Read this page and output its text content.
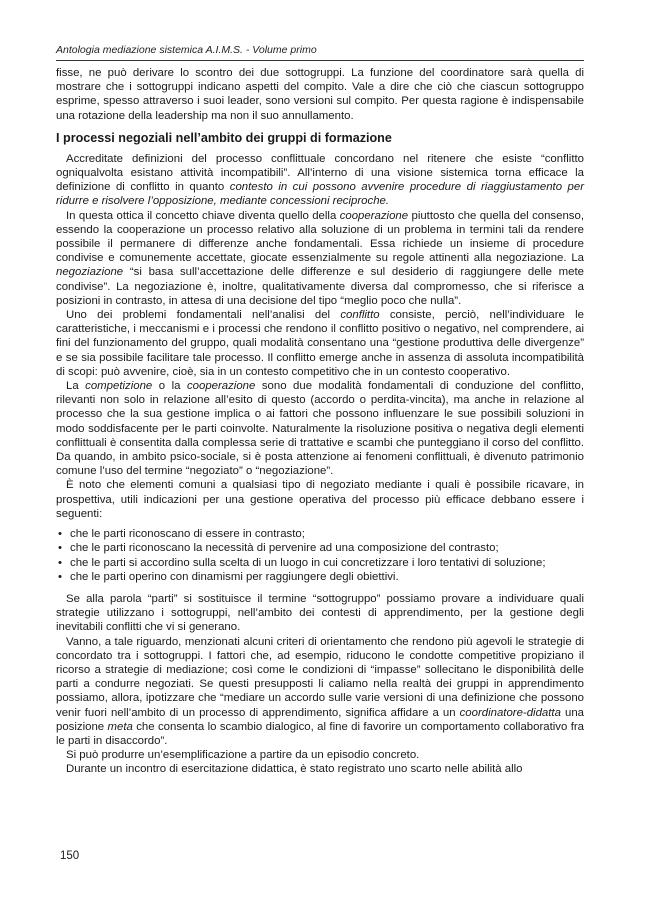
Antologia mediazione sistemica A.I.M.S. - Volume primo

fisse, ne può derivare lo scontro dei due sottogruppi. La funzione del coordinatore sarà quella di mostrare che i sottogruppi indicano aspetti del compito. Vale a dire che ciò che ciascun sottogruppo esprime, spesso attraverso i suoi leader, sono versioni sul compito. Per questa ragione è indispensabile una rotazione della leadership ma non il suo annullamento.

I processi negoziali nell’ambito dei gruppi di formazione

Accreditate definizioni del processo conflittuale concordano nel ritenere che esiste “conflitto ogniqualvolta esistano attività incompatibili”. All’interno di una visione sistemica torna efficace la definizione di conflitto in quanto contesto in cui possono avvenire procedure di riaggiustamento per ridurre e risolvere l’opposizione, mediante concessioni reciproche.

In questa ottica il concetto chiave diventa quello della cooperazione piuttosto che quella del consenso, essendo la cooperazione un processo relativo alla soluzione di un problema in termini tali da rendere possibile il permanere di differenze anche fondamentali. Essa richiede un insieme di procedure condivise e comunemente accettate, giocate essenzialmente su regole attinenti alla negoziazione. La negoziazione “si basa sull’accettazione delle differenze e sul desiderio di raggiungere delle mete condivise”. La negoziazione è, inoltre, qualitativamente diversa dal compromesso, che si riferisce a posizioni in contrasto, in attesa di una decisione del tipo “meglio poco che nulla”.

Uno dei problemi fondamentali nell’analisi del conflitto consiste, perciò, nell’individuare le caratteristiche, i meccanismi e i processi che rendono il conflitto positivo o negativo, nel comprendere, ai fini del funzionamento del gruppo, quali modalità consentano una “gestione produttiva delle divergenze” e se sia possibile facilitare tale processo. Il conflitto emerge anche in assenza di assoluta incompatibilità di scopi: può avvenire, cioè, sia in un contesto competitivo che in un contesto cooperativo.

La competizione o la cooperazione sono due modalità fondamentali di conduzione del conflitto, rilevanti non solo in relazione all’esito di questo (accordo o perdita-vincita), ma anche in relazione al processo che la sua gestione implica o ai fattori che possono influenzare le sue possibili soluzioni in modo soddisfacente per le parti coinvolte. Naturalmente la risoluzione positiva o negativa degli elementi conflittuali è consentita dalla complessa serie di trattative e scambi che punteggiano il corso del conflitto. Da quando, in ambito psico-sociale, si è posta attenzione ai fenomeni conflittuali, è divenuto patrimonio comune l’uso del termine “negoziato” o “negoziazione”.

È noto che elementi comuni a qualsiasi tipo di negoziato mediante i quali è possibile ricavare, in prospettiva, utili indicazioni per una gestione operativa del processo più efficace debbano essere i seguenti:

• che le parti riconoscano di essere in contrasto;
• che le parti riconoscano la necessità di pervenire ad una composizione del contrasto;
• che le parti si accordino sulla scelta di un luogo in cui concretizzare i loro tentativi di soluzione;
• che le parti operino con dinamismi per raggiungere degli obiettivi.

Se alla parola “parti” si sostituisce il termine “sottogruppo” possiamo provare a individuare quali strategie utilizzano i sottogruppi, nell’ambito dei contesti di apprendimento, per la gestione degli inevitabili conflitti che vi si generano.

Vanno, a tale riguardo, menzionati alcuni criteri di orientamento che rendono più agevoli le strategie di concordato tra i sottogruppi. I fattori che, ad esempio, riducono le condotte competitive propiziano il ricorso a strategie di mediazione; così come le condizioni di “impasse” sollecitano le disponibilità delle parti a condurre negoziati. Se questi presupposti li caliamo nella realtà dei gruppi in apprendimento possiamo, allora, ipotizzare che “mediare un accordo sulle varie versioni di una definizione che possono venir fuori nell’ambito di un processo di apprendimento, significa affidare a un coordinatore-didatta una posizione meta che consenta lo scambio dialogico, al fine di favorire un comportamento collaborativo fra le parti in disaccordo”.

Si può produrre un’esemplificazione a partire da un episodio concreto.

Durante un incontro di esercitazione didattica, è stato registrato uno scarto nelle abilità allo

150
